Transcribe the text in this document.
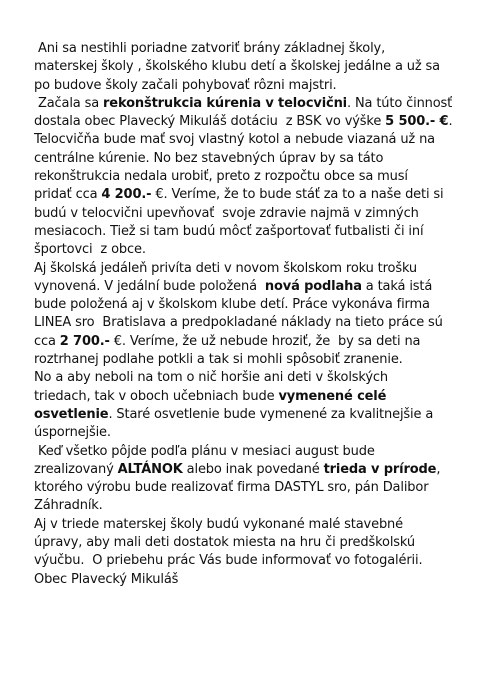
Ani sa nestihli poriadne zatvoriť brány základnej školy,
materskej školy , školského klubu detí a školskej jedálne a už sa
po budove školy začali pohybovať rôzni majstri.
Začala sa rekonštrukcia kúrenia v telocvični. Na túto činnosť
dostala obec Plavecký Mikuláš dotáciu  z BSK vo výške 5 500.- €.
Telocvičňa bude mať svoj vlastný kotol a nebude viazaná už na
centrálne kúrenie. No bez stavebných úprav by sa táto
rekonštrukcia nedala urobiť, preto z rozpočtu obce sa musí
pridať cca 4 200.- €. Veríme, že to bude stáť za to a naše deti si
budú v telocvični upevňovať  svoje zdravie najmä v zimných
mesiacoch. Tiež si tam budú môcť zašportovať futbalisti či iní
športovci  z obce.
Aj školská jedáleň privíta deti v novom školskom roku trošku
vynovená. V jedální bude položená  nová podlaha a taká istá
bude položená aj v školskom klube detí. Práce vykonáva firma
LINEA sro  Bratislava a predpokladané náklady na tieto práce sú
cca 2 700.- €. Veríme, že už nebude hroziť, že  by sa deti na
roztrhanej podlahe potkli a tak si mohli spôsobiť zranenie.
No a aby neboli na tom o nič horšie ani deti v školských
triedach, tak v oboch učebniach bude vymenené celé
osvetlenie. Staré osvetlenie bude vymenené za kvalitnejšie a
úspornejšie.
Keď všetko pôjde podľa plánu v mesiaci august bude
zrealizovaný ALTÁNOK alebo inak povedané trieda v prírode,
ktorého výrobu bude realizovať firma DASTYL sro, pán Dalibor
Záhradník.
Aj v triede materskej školy budú vykonané malé stavebné
úpravy, aby mali deti dostatok miesta na hru či predškolskú
výučbu.  O priebehu prác Vás bude informovať vo fotogalérii.
Obec Plavecký Mikuláš
